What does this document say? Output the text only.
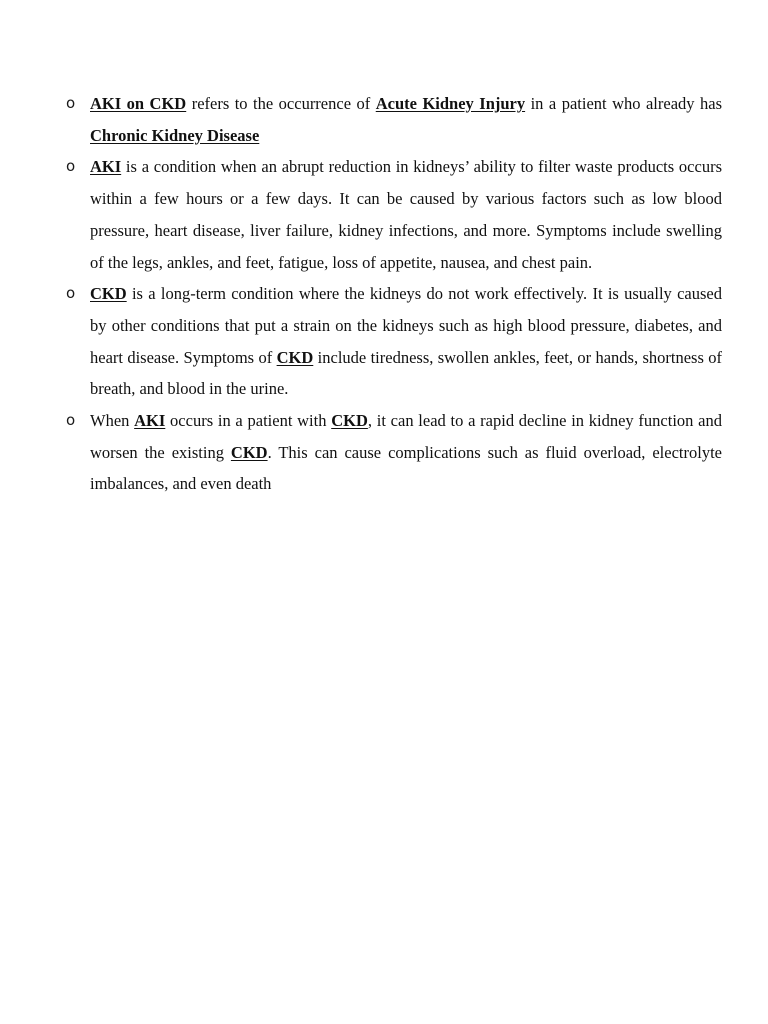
o AKI on CKD refers to the occurrence of Acute Kidney Injury in a patient who already has Chronic Kidney Disease

o AKI is a condition when an abrupt reduction in kidneys’ ability to filter waste products occurs within a few hours or a few days. It can be caused by various factors such as low blood pressure, heart disease, liver failure, kidney infections, and more. Symptoms include swelling of the legs, ankles, and feet, fatigue, loss of appetite, nausea, and chest pain.

o CKD is a long-term condition where the kidneys do not work effectively. It is usually caused by other conditions that put a strain on the kidneys such as high blood pressure, diabetes, and heart disease. Symptoms of CKD include tiredness, swollen ankles, feet, or hands, shortness of breath, and blood in the urine.

o When AKI occurs in a patient with CKD, it can lead to a rapid decline in kidney function and worsen the existing CKD. This can cause complications such as fluid overload, electrolyte imbalances, and even death
